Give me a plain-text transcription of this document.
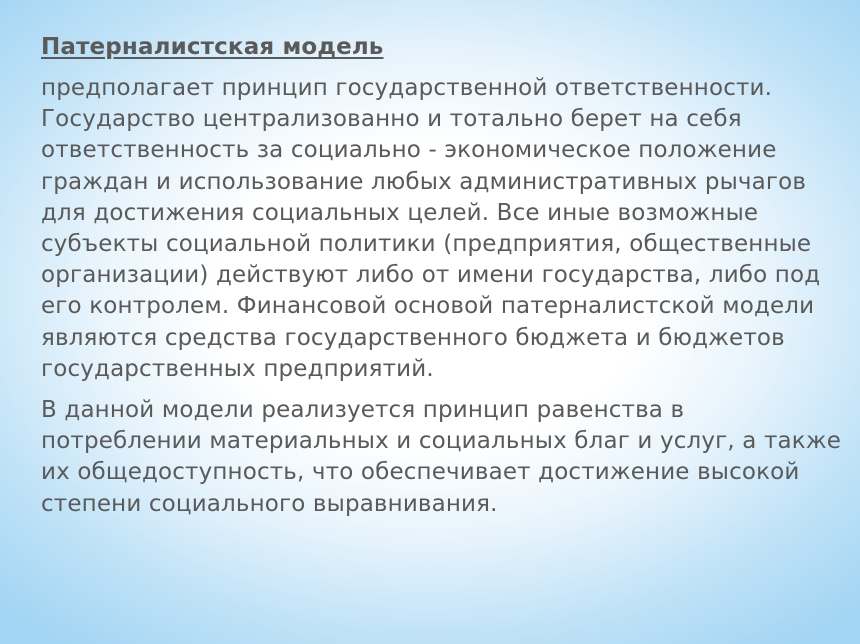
Патерналистская модель

предполагает принцип государственной ответственности.
Государство централизованно и тотально берет на себя
ответственность за социально - экономическое положение
граждан и использование любых административных рычагов
для достижения социальных целей. Все иные возможные
субъекты социальной политики (предприятия, общественные
организации) действуют либо от имени государства, либо под
его контролем. Финансовой основой патерналистской модели
являются средства государственного бюджета и бюджетов
государственных предприятий.

В данной модели реализуется принцип равенства в
потреблении материальных и социальных благ и услуг, а также
их общедоступность, что обеспечивает достижение высокой
степени социального выравнивания.
